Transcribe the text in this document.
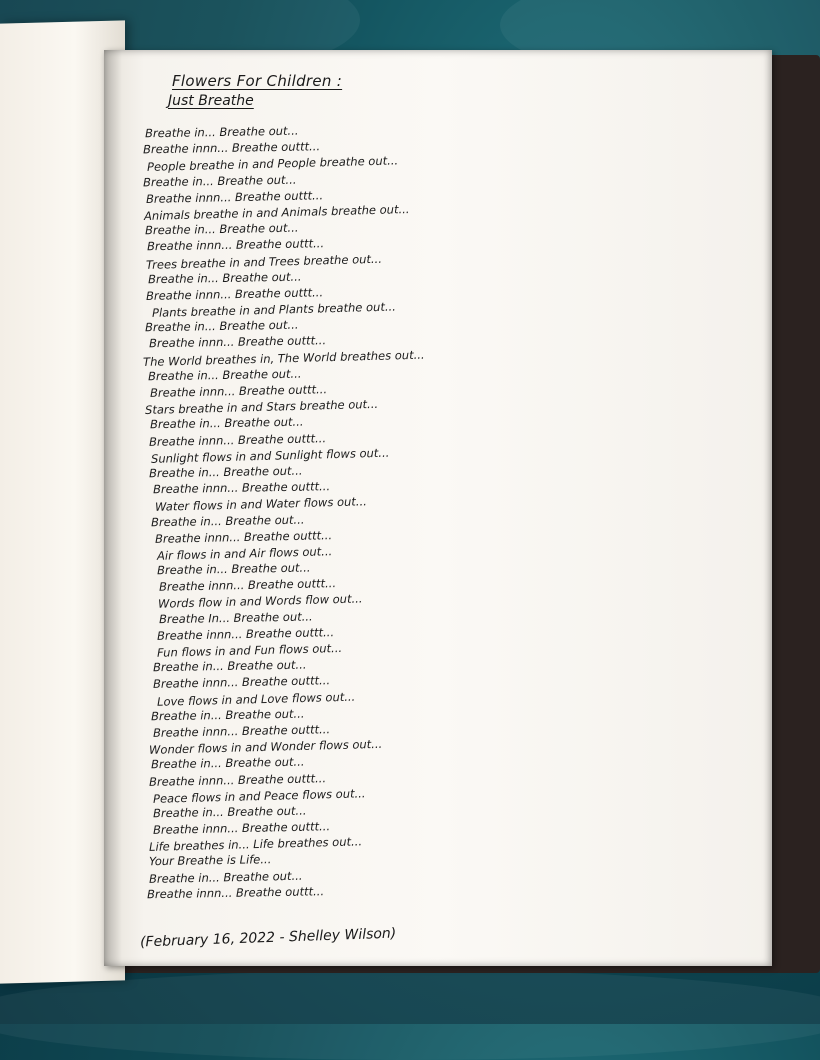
Flowers For Children :
Just Breathe
Breathe in... Breathe out...
Breathe innn... Breathe outtt...
People breathe in and People breathe out...
Breathe in... Breathe out...
Breathe innn... Breathe outtt...
Animals breathe in and Animals breathe out...
Breathe in... Breathe out...
Breathe innn... Breathe outtt...
Trees breathe in and Trees breathe out...
Breathe in... Breathe out...
Breathe innn... Breathe outtt...
Plants breathe in and Plants breathe out...
Breathe in... Breathe out...
Breathe innn... Breathe outtt...
The World breathes in, The World breathes out...
Breathe in... Breathe out...
Breathe innn... Breathe outtt...
Stars breathe in and Stars breathe out...
Breathe in... Breathe out...
Breathe innn... Breathe outtt...
Sunlight flows in and Sunlight flows out...
Breathe in... Breathe out...
Breathe innn... Breathe outtt...
Water flows in and Water flows out...
Breathe in... Breathe out...
Breathe innn... Breathe outtt...
Air flows in and Air flows out...
Breathe in... Breathe out...
Breathe innn... Breathe outtt...
Words flow in and Words flow out...
Breathe In... Breathe out...
Breathe innn... Breathe outtt...
Fun flows in and Fun flows out...
Breathe in... Breathe out...
Breathe innn... Breathe outtt...
Love flows in and Love flows out...
Breathe in... Breathe out...
Breathe innn... Breathe outtt...
Wonder flows in and Wonder flows out...
Breathe in... Breathe out...
Breathe innn... Breathe outtt...
Peace flows in and Peace flows out...
Breathe in... Breathe out...
Breathe innn... Breathe outtt...
Life breathes in... Life breathes out...
Your Breathe is Life...
Breathe in... Breathe out...
Breathe innn... Breathe outtt...
(February 16, 2022 - Shelley Wilson)
